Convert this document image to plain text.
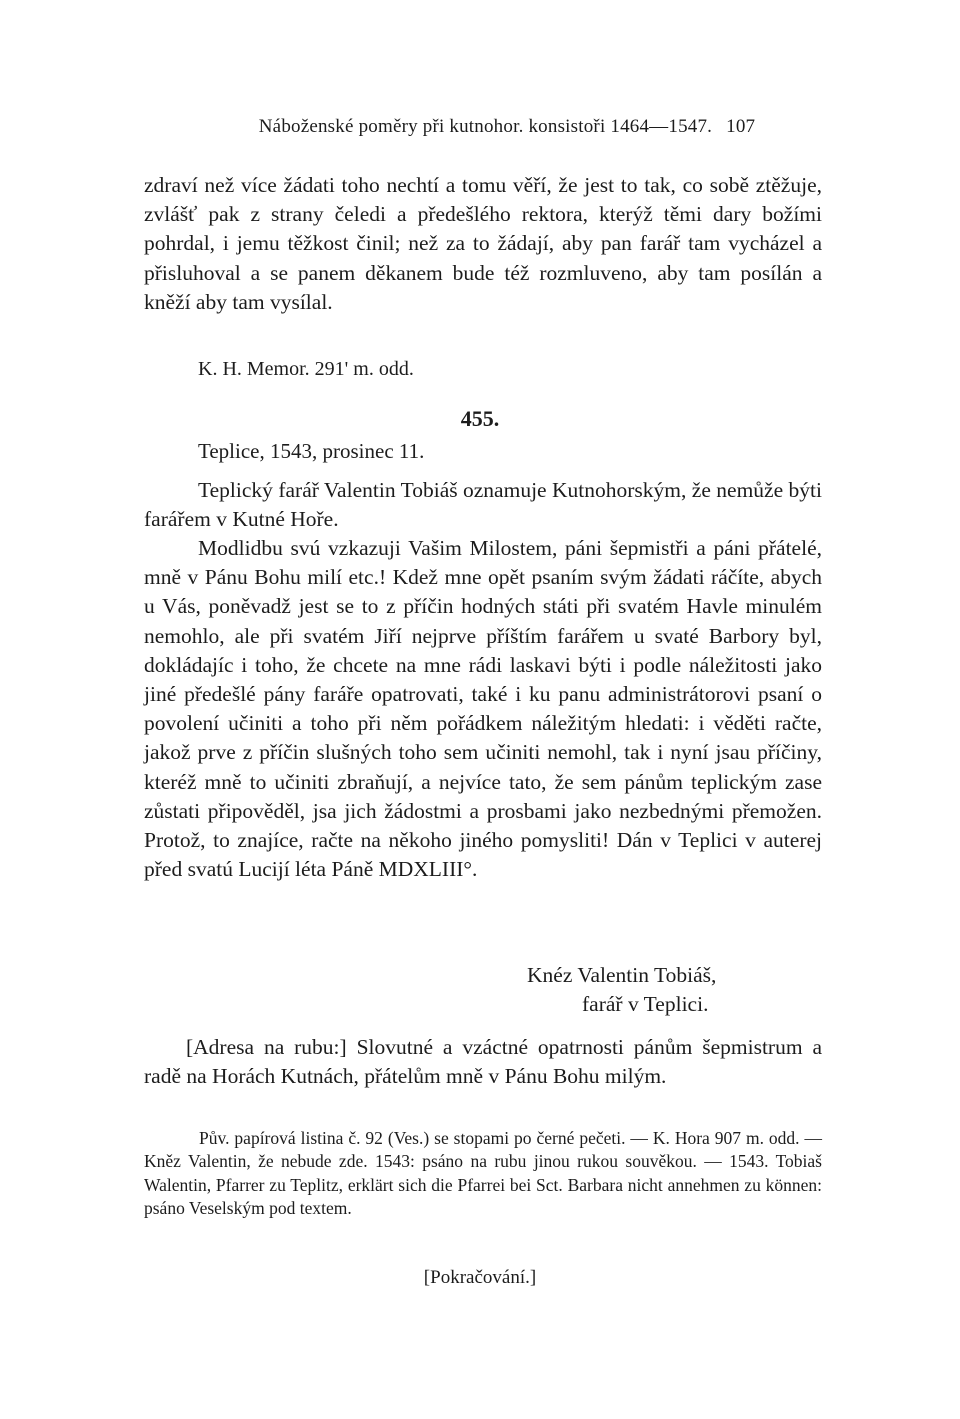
Náboženské poměry při kutnohor. konsistoři 1464—1547. 107

zdraví než více žádati toho nechtí a tomu věří, že jest to tak, co sobě ztěžuje, zvlášť pak z strany čeledi a předešlého rektora, kterýž těmi dary božími pohrdal, i jemu těžkost činil; než za to žádají, aby pan farář tam vycházel a přisluhoval a se panem děkanem bude též rozmluveno, aby tam posílán a kněží aby tam vysílal.

K. H. Memor. 291' m. odd.
455.
Teplice, 1543, prosinec 11.

Teplický farář Valentin Tobiáš oznamuje Kutnohorským, že nemůže býti farářem v Kutné Hoře.

Modlidbu svú vzkazuji Vašim Milostem, páni šepmistři a páni přátelé, mně v Pánu Bohu milí etc.! Kdež mne opět psaním svým žádati ráčíte, abych u Vás, poněvadž jest se to z příčin hodných státi při svatém Havle minulém nemohlo, ale při svatém Jiří nejprve příštím farářem u svaté Barbory byl, dokládajíc i toho, že chcete na mne rádi laskavi býti i podle náležitosti jako jiné předešlé pány faráře opatrovati, také i ku panu administrátorovi psaní o povolení učiniti a toho při něm pořádkem náležitým hledati: i věděti račte, jakož prve z příčin slušných toho sem učiniti nemohl, tak i nyní jsau příčiny, kteréž mně to učiniti zbraňují, a nejvíce tato, že sem pánům teplickým zase zůstati připověděl, jsa jich žádostmi a prosbami jako nezbednými přemožen. Protož, to znajíce, račte na někoho jiného pomysliti! Dán v Teplici v auterej před svatú Lucijí léta Páně MDXLIII°.

Knéz Valentin Tobiáš,
farář v Teplici.

[Adresa na rubu:] Slovutné a vzáctné opatrnosti pánům šepmistrum a radě na Horách Kutnách, přátelům mně v Pánu Bohu milým.

Pův. papírová listina č. 92 (Ves.) se stopami po černé pečeti. — K. Hora 907 m. odd. — Kněz Valentin, že nebude zde. 1543: psáno na rubu jinou rukou souvěkou. — 1543. Tobiaš Walentin, Pfarrer zu Teplitz, erklärt sich die Pfarrei bei Sct. Barbara nicht annehmen zu können: psáno Veselským pod textem.

[Pokračování.]
